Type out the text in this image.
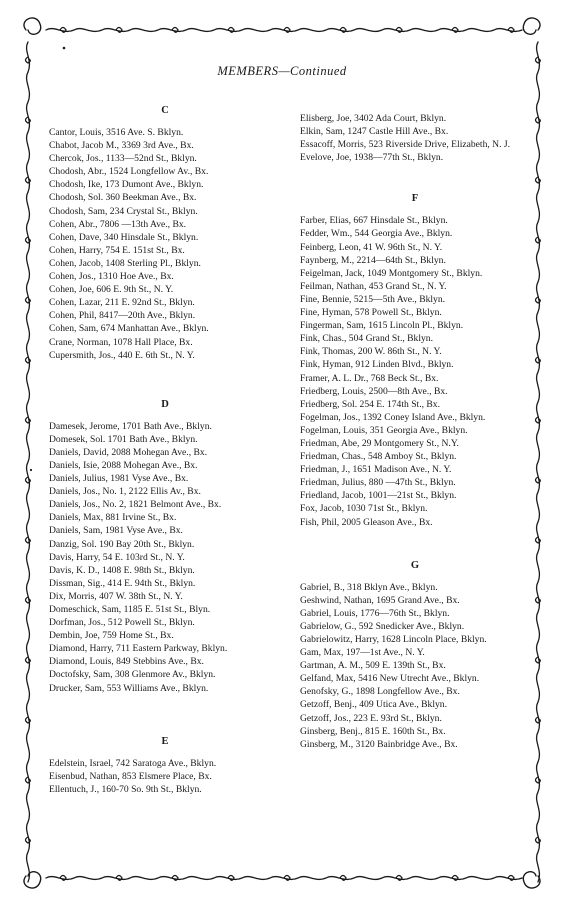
MEMBERS—Continued
C
Cantor, Louis, 3516 Ave. S. Bklyn.
Chabot, Jacob M., 3369 3rd Ave., Bx.
Chercok, Jos., 1133—52nd St., Bklyn.
Chodosh, Abr., 1524 Longfellow Av., Bx.
Chodosh, Ike, 173 Dumont Ave., Bklyn.
Chodosh, Sol. 360 Beekman Ave., Bx.
Chodosh, Sam, 234 Crystal St., Bklyn.
Cohen, Abr., 7806 —13th Ave., Bx.
Cohen, Dave, 340 Hinsdale St., Bklyn.
Cohen, Harry, 754 E. 151st St., Bx.
Cohen, Jacob, 1408 Sterling Pl., Bklyn.
Cohen, Jos., 1310 Hoe Ave., Bx.
Cohen, Joe, 606 E. 9th St., N. Y.
Cohen, Lazar, 211 E. 92nd St., Bklyn.
Cohen, Phil, 8417—20th Ave., Bklyn.
Cohen, Sam, 674 Manhattan Ave., Bklyn.
Crane, Norman, 1078 Hall Place, Bx.
Cupersmith, Jos., 440 E. 6th St., N. Y.
D
Damesek, Jerome, 1701 Bath Ave., Bklyn.
Domesek, Sol. 1701 Bath Ave., Bklyn.
Daniels, David, 2088 Mohegan Ave., Bx.
Daniels, Isie, 2088 Mohegan Ave., Bx.
Daniels, Julius, 1981 Vyse Ave., Bx.
Daniels, Jos., No. 1, 2122 Ellis Av., Bx.
Daniels, Jos., No. 2, 1821 Belmont Ave., Bx.
Daniels, Max, 881 Irvine St., Bx.
Daniels, Sam, 1981 Vyse Ave., Bx.
Danzig, Sol. 190 Bay 20th St., Bklyn.
Davis, Harry, 54 E. 103rd St., N. Y.
Davis, K. D., 1408 E. 98th St., Bklyn.
Dissman, Sig., 414 E. 94th St., Bklyn.
Dix, Morris, 407 W. 38th St., N. Y.
Domeschick, Sam, 1185 E. 51st St., Blyn.
Dorfman, Jos., 512 Powell St., Bklyn.
Dembin, Joe, 759 Home St., Bx.
Diamond, Harry, 711 Eastern Parkway, Bklyn.
Diamond, Louis, 849 Stebbins Ave., Bx.
Doctofsky, Sam, 308 Glenmore Av., Bklyn.
Drucker, Sam, 553 Williams Ave., Bklyn.
E
Edelstein, Israel, 742 Saratoga Ave., Bklyn.
Eisenbud, Nathan, 853 Elsmere Place, Bx.
Ellentuch, J., 160-70 So. 9th St., Bklyn.
Elisberg, Joe, 3402 Ada Court, Bklyn.
Elkin, Sam, 1247 Castle Hill Ave., Bx.
Essacoff, Morris, 523 Riverside Drive, Elizabeth, N. J.
Evelove, Joe, 1938—77th St., Bklyn.
F
Farber, Elias, 667 Hinsdale St., Bklyn.
Fedder, Wm., 544 Georgia Ave., Bklyn.
Feinberg, Leon, 41 W. 96th St., N. Y.
Faynberg, M., 2214—64th St., Bklyn.
Feigelman, Jack, 1049 Montgomery St., Bklyn.
Feilman, Nathan, 453 Grand St., N. Y.
Fine, Bennie, 5215—5th Ave., Bklyn.
Fine, Hyman, 578 Powell St., Bklyn.
Fingerman, Sam, 1615 Lincoln Pl., Bklyn.
Fink, Chas., 504 Grand St., Bklyn.
Fink, Thomas, 200 W. 86th St., N. Y.
Fink, Hyman, 912 Linden Blvd., Bklyn.
Framer, A. L. Dr., 768 Beck St., Bx.
Friedberg, Louis, 2500—8th Ave., Bx.
Friedberg, Sol. 254 E. 174th St., Bx.
Fogelman, Jos., 1392 Coney Island Ave., Bklyn.
Fogelman, Louis, 351 Georgia Ave., Bklyn.
Friedman, Abe, 29 Montgomery St., N.Y.
Friedman, Chas., 548 Amboy St., Bklyn.
Friedman, J., 1651 Madison Ave., N. Y.
Friedman, Julius, 880 —47th St., Bklyn.
Friedland, Jacob, 1001—21st St., Bklyn.
Fox, Jacob, 1030 71st St., Bklyn.
Fish, Phil, 2005 Gleason Ave., Bx.
G
Gabriel, B., 318 Bklyn Ave., Bklyn.
Geshwind, Nathan, 1695 Grand Ave., Bx.
Gabriel, Louis, 1776—76th St., Bklyn.
Gabrielow, G., 592 Snedicker Ave., Bklyn.
Gabrielowitz, Harry, 1628 Lincoln Place, Bklyn.
Gam, Max, 197—1st Ave., N. Y.
Gartman, A. M., 509 E. 139th St., Bx.
Gelfand, Max, 5416 New Utrecht Ave., Bklyn.
Genofsky, G., 1898 Longfellow Ave., Bx.
Getzoff, Benj., 409 Utica Ave., Bklyn.
Getzoff, Jos., 223 E. 93rd St., Bklyn.
Ginsberg, Benj., 815 E. 160th St., Bx.
Ginsberg, M., 3120 Bainbridge Ave., Bx.
